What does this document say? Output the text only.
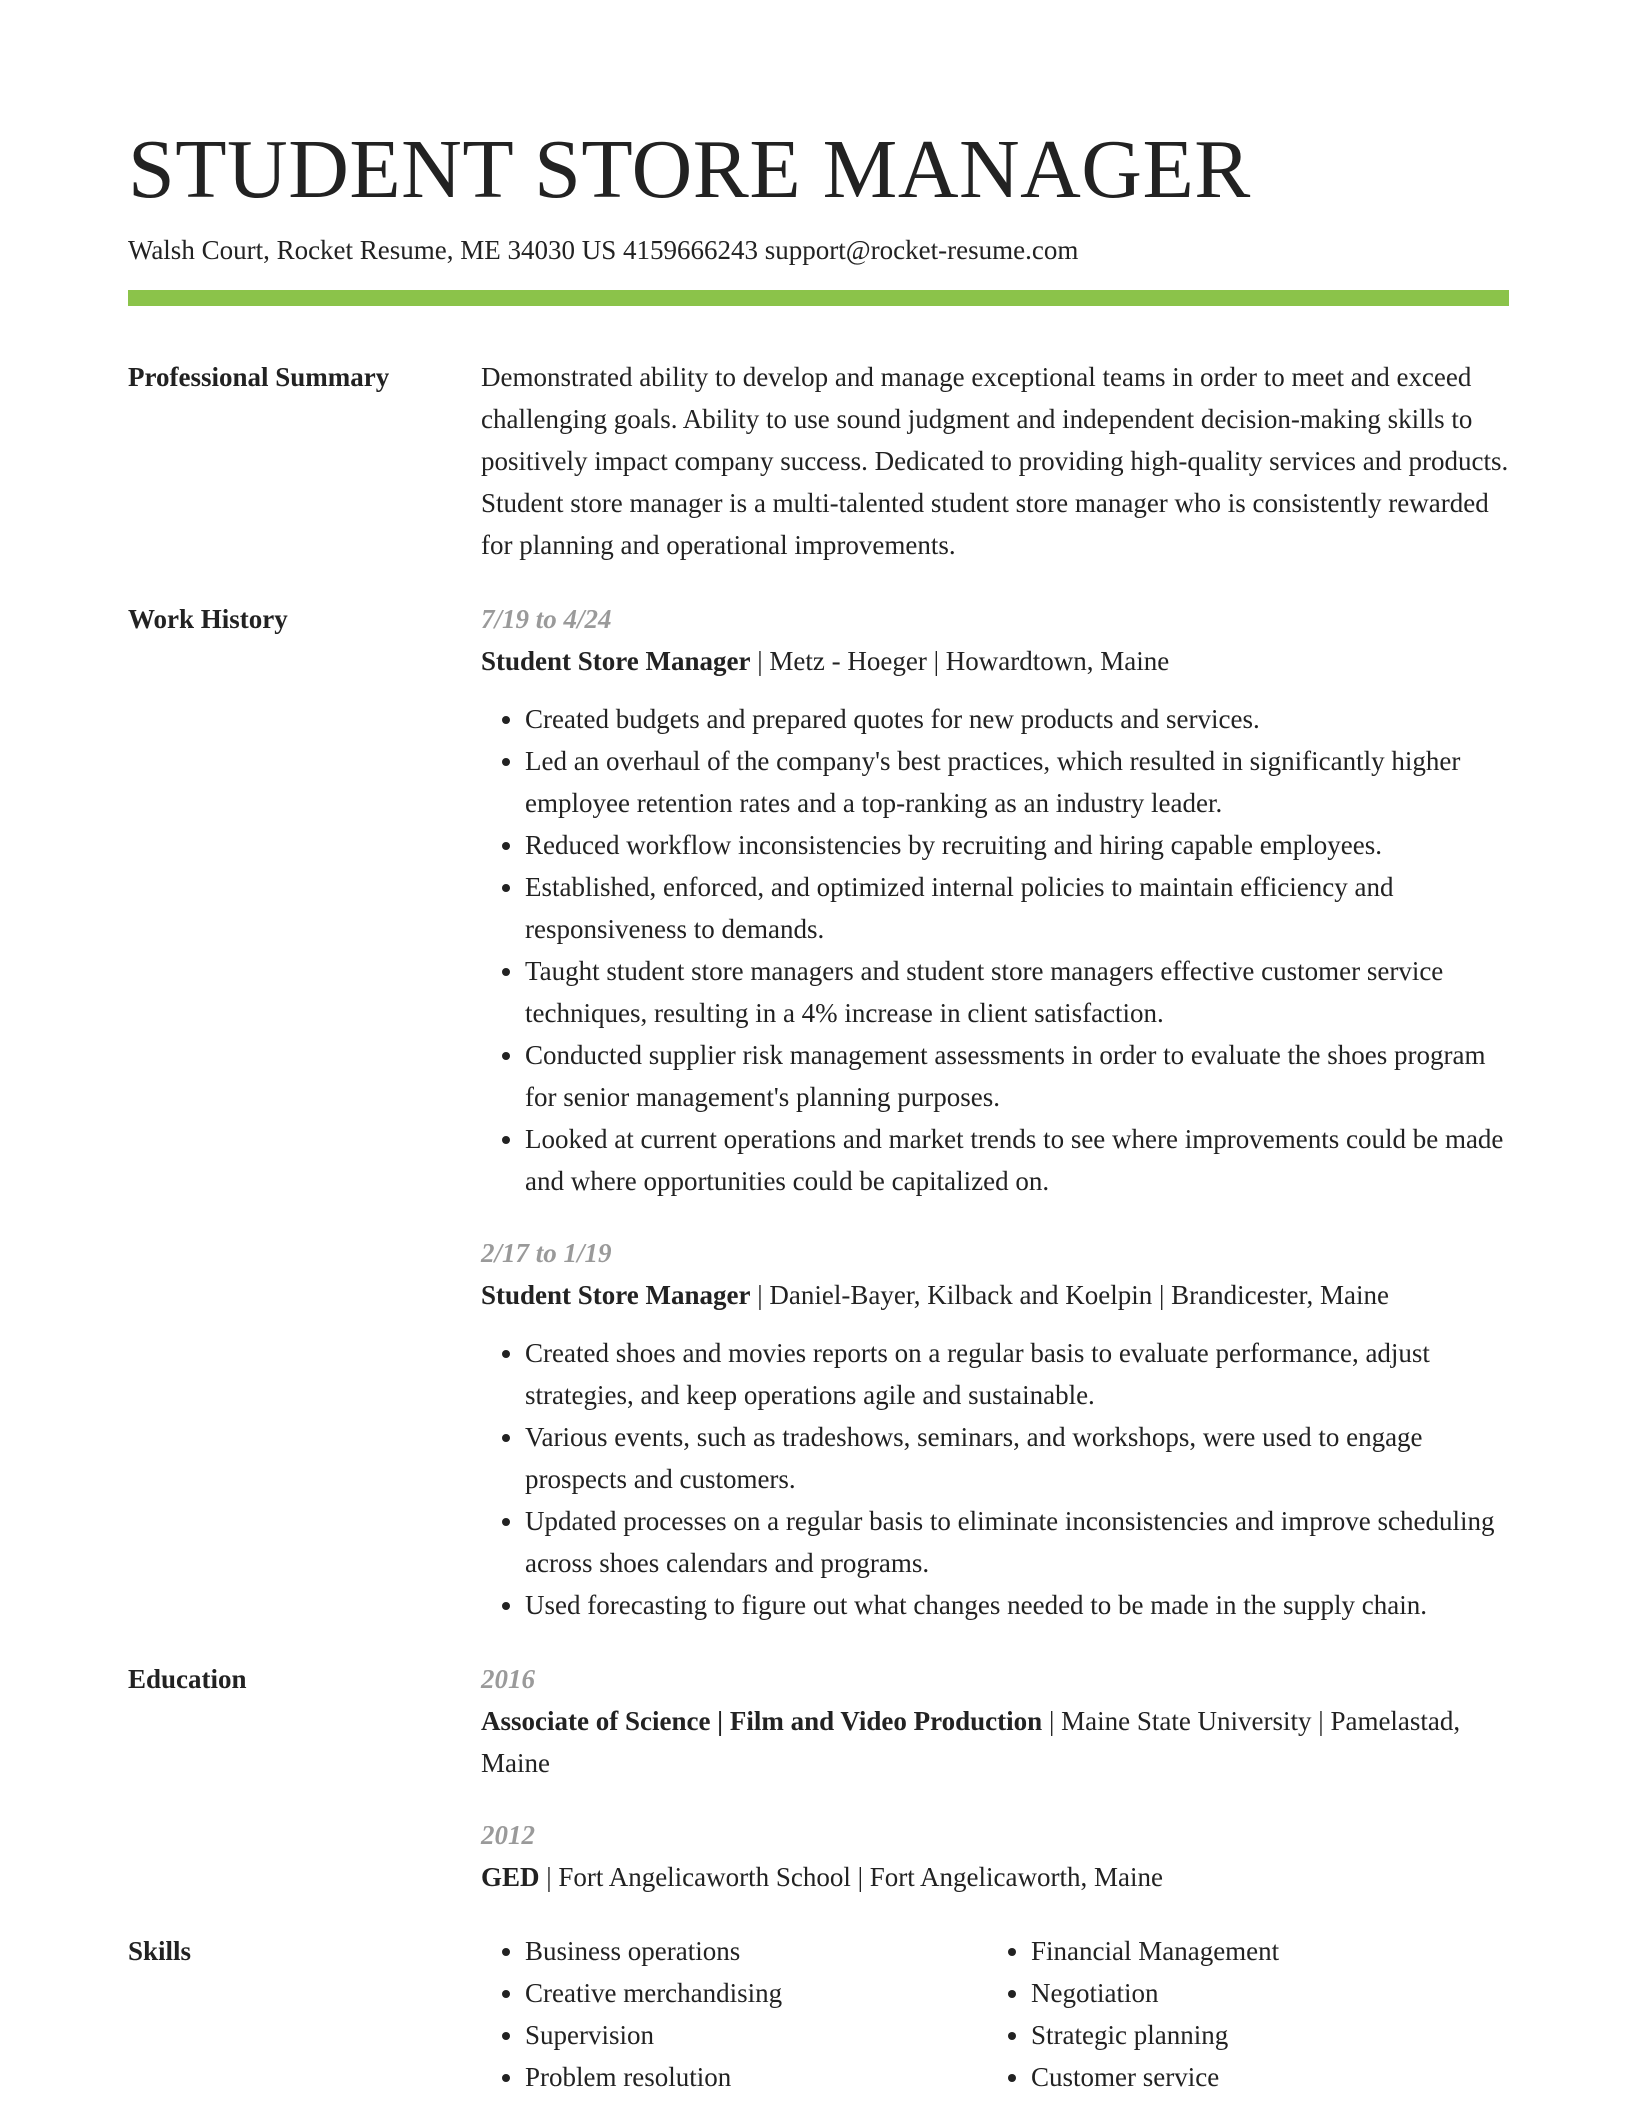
STUDENT STORE MANAGER
Walsh Court, Rocket Resume, ME 34030 US 4159666243 support@rocket-resume.com
Professional Summary	Demonstrated ability to develop and manage exceptional teams in order to meet and exceed challenging goals. Ability to use sound judgment and independent decision-making skills to positively impact company success. Dedicated to providing high-quality services and products. Student store manager is a multi-talented student store manager who is consistently rewarded for planning and operational improvements.
Work History	7/19 to 4/24
Student Store Manager | Metz - Hoeger | Howardtown, Maine
• Created budgets and prepared quotes for new products and services.
• Led an overhaul of the company's best practices, which resulted in significantly higher employee retention rates and a top-ranking as an industry leader.
• Reduced workflow inconsistencies by recruiting and hiring capable employees.
• Established, enforced, and optimized internal policies to maintain efficiency and responsiveness to demands.
• Taught student store managers and student store managers effective customer service techniques, resulting in a 4% increase in client satisfaction.
• Conducted supplier risk management assessments in order to evaluate the shoes program for senior management's planning purposes.
• Looked at current operations and market trends to see where improvements could be made and where opportunities could be capitalized on.
2/17 to 1/19
Student Store Manager | Daniel-Bayer, Kilback and Koelpin | Brandicester, Maine
• Created shoes and movies reports on a regular basis to evaluate performance, adjust strategies, and keep operations agile and sustainable.
• Various events, such as tradeshows, seminars, and workshops, were used to engage prospects and customers.
• Updated processes on a regular basis to eliminate inconsistencies and improve scheduling across shoes calendars and programs.
• Used forecasting to figure out what changes needed to be made in the supply chain.
Education	2016
Associate of Science | Film and Video Production | Maine State University | Pamelastad, Maine
2012
GED | Fort Angelicaworth School | Fort Angelicaworth, Maine
Skills
•	Business operations
• Creative merchandising
• Supervision
• Problem resolution
• Financial Management
• Negotiation
• Strategic planning
• Customer service
